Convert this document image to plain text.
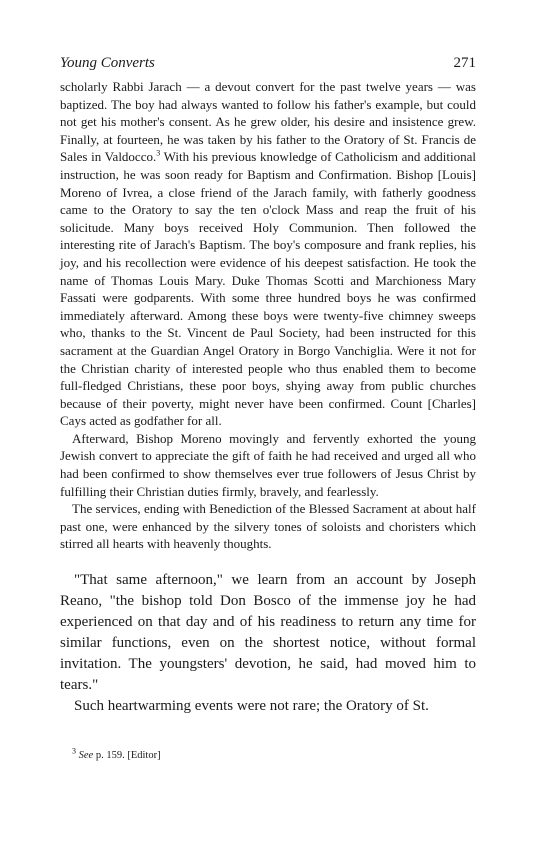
Young Converts	271

scholarly Rabbi Jarach — a devout convert for the past twelve years — was baptized. The boy had always wanted to follow his father's example, but could not get his mother's consent. As he grew older, his desire and insistence grew. Finally, at fourteen, he was taken by his father to the Oratory of St. Francis de Sales in Valdocco.$^3$ With his previous knowledge of Catholicism and additional instruction, he was soon ready for Baptism and Confirmation. Bishop [Louis] Moreno of Ivrea, a close friend of the Jarach family, with fatherly goodness came to the Oratory to say the ten o'clock Mass and reap the fruit of his solicitude. Many boys received Holy Communion. Then followed the interesting rite of Jarach's Baptism. The boy's composure and frank replies, his joy, and his recollection were evidence of his deepest satisfaction. He took the name of Thomas Louis Mary. Duke Thomas Scotti and Marchioness Mary Fassati were godparents. With some three hundred boys he was confirmed immediately afterward. Among these boys were twenty-five chimney sweeps who, thanks to the St. Vincent de Paul Society, had been instructed for this sacrament at the Guardian Angel Oratory in Borgo Vanchiglia. Were it not for the Christian charity of interested people who thus enabled them to become full-fledged Christians, these poor boys, shying away from public churches because of their poverty, might never have been confirmed. Count [Charles] Cays acted as godfather for all.

Afterward, Bishop Moreno movingly and fervently exhorted the young Jewish convert to appreciate the gift of faith he had received and urged all who had been confirmed to show themselves ever true followers of Jesus Christ by fulfilling their Christian duties firmly, bravely, and fearlessly.

The services, ending with Benediction of the Blessed Sacrament at about half past one, were enhanced by the silvery tones of soloists and choristers which stirred all hearts with heavenly thoughts.

"That same afternoon," we learn from an account by Joseph Reano, "the bishop told Don Bosco of the immense joy he had experienced on that day and of his readiness to return any time for similar functions, even on the shortest notice, without formal invitation. The youngsters' devotion, he said, had moved him to tears."

Such heartwarming events were not rare; the Oratory of St.

$^3$ See p. 159. [Editor]
